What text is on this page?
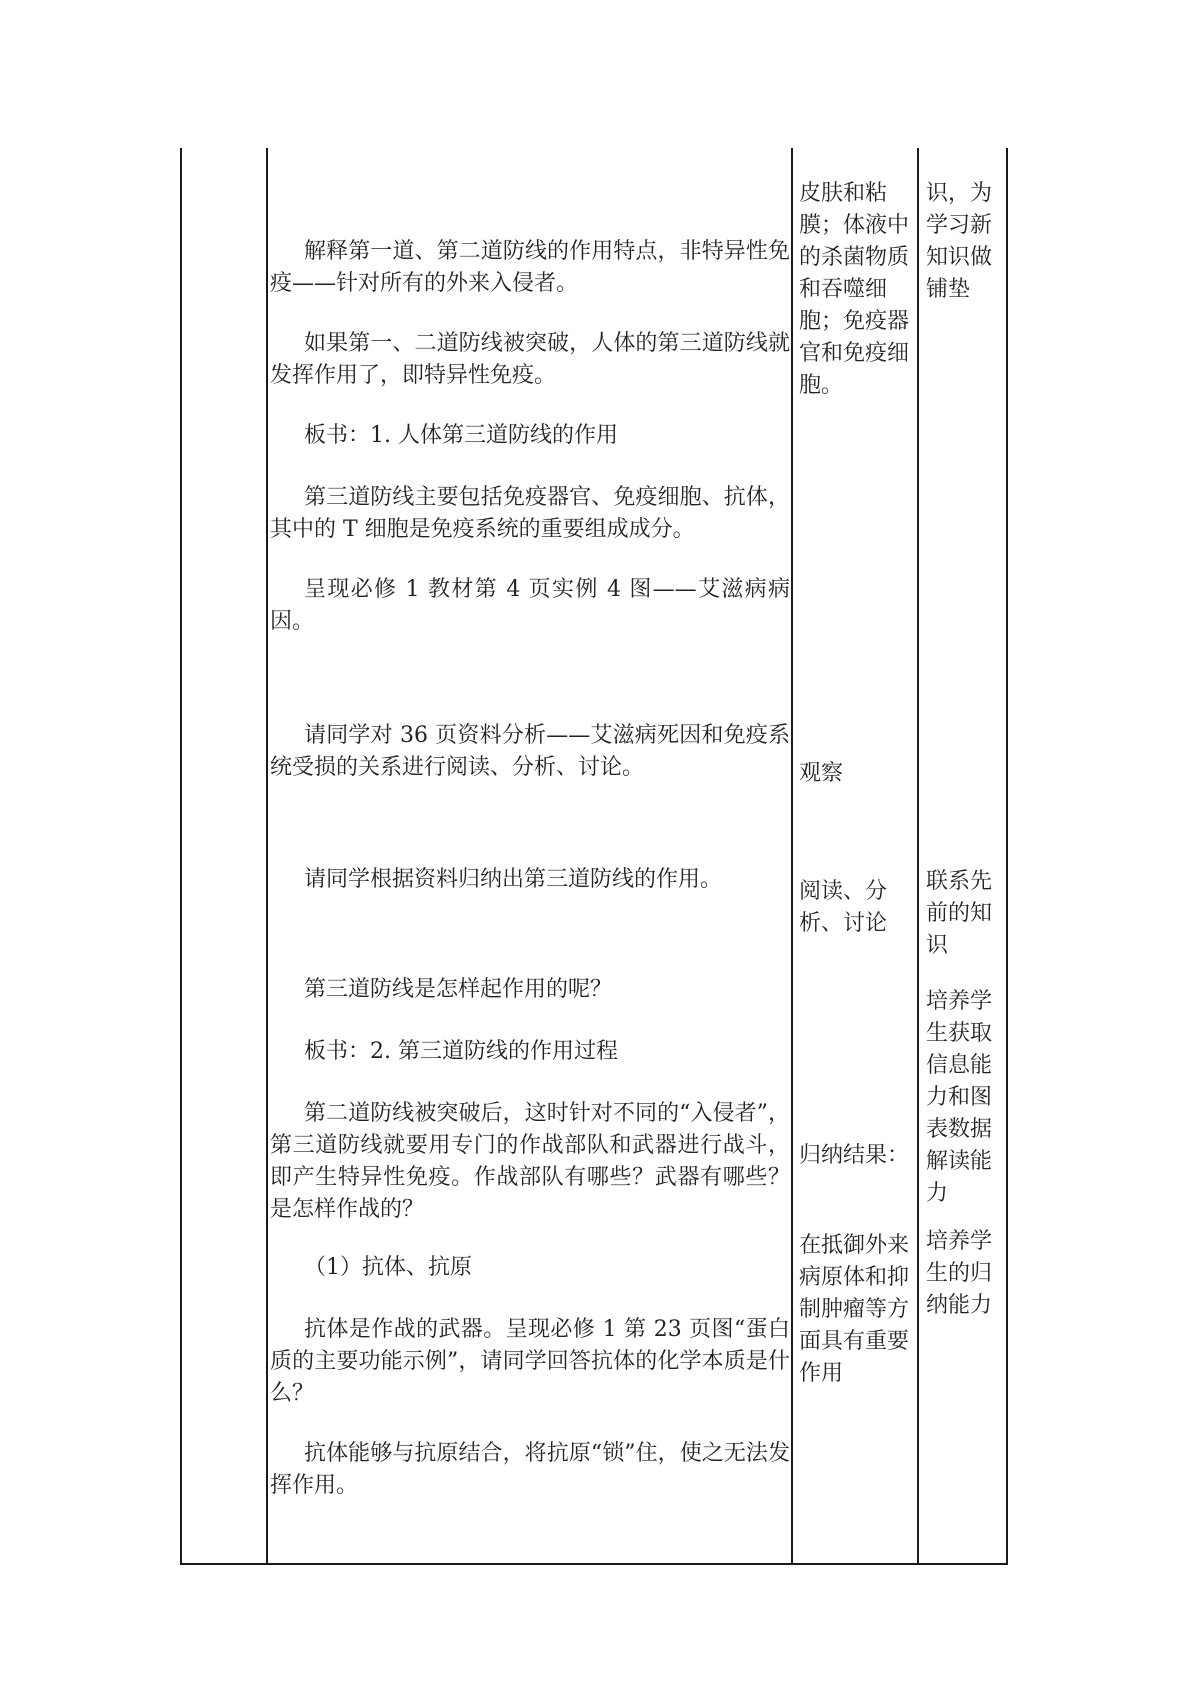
解释第一道、第二道防线的作用特点，非特异性免疫——针对所有的外来入侵者。

如果第一、二道防线被突破，人体的第三道防线就发挥作用了，即特异性免疫。

板书：1. 人体第三道防线的作用

第三道防线主要包括免疫器官、免疫细胞、抗体，其中的 T 细胞是免疫系统的重要组成成分。

呈现必修 1 教材第 4 页实例 4 图——艾滋病病因。

请同学对 36 页资料分析——艾滋病死因和免疫系统受损的关系进行阅读、分析、讨论。

请同学根据资料归纳出第三道防线的作用。

第三道防线是怎样起作用的呢？

板书：2. 第三道防线的作用过程

第二道防线被突破后，这时针对不同的“入侵者”，第三道防线就要用专门的作战部队和武器进行战斗，即产生特异性免疫。作战部队有哪些？武器有哪些？是怎样作战的？

（1）抗体、抗原

抗体是作战的武器。呈现必修 1 第 23 页图“蛋白质的主要功能示例”，请同学回答抗体的化学本质是什么？

抗体能够与抗原结合，将抗原“锁”住，使之无法发挥作用。

皮肤和粘膜；体液中的杀菌物质和吞噬细胞；免疫器官和免疫细胞。

观察

阅读、分析、讨论

归纳结果：

在抵御外来病原体和抑制肿瘤等方面具有重要作用

识，为学习新知识做铺垫

联系先前的知识

培养学生获取信息能力和图表数据解读能力

培养学生的归纳能力
